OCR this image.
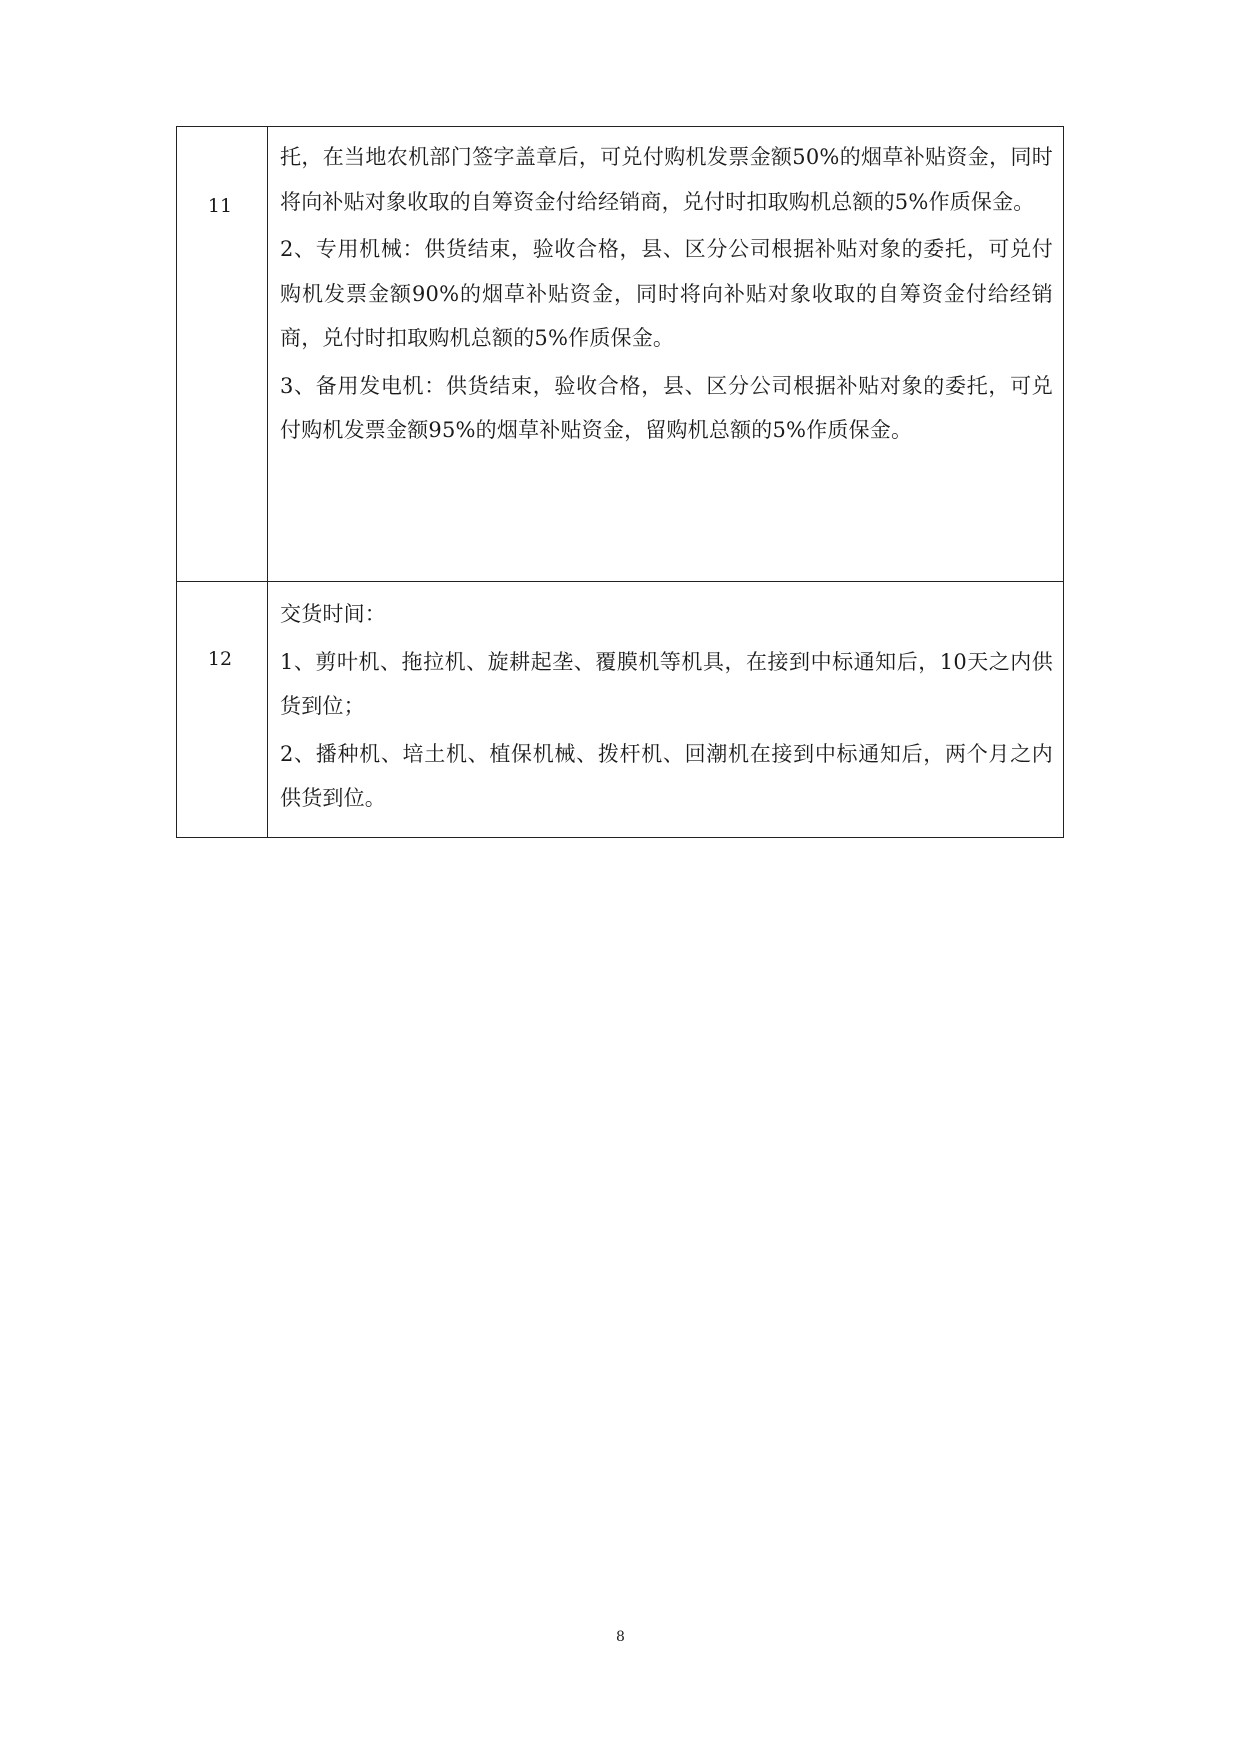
11	托，在当地农机部门签字盖章后，可兑付购机发票金额50%的烟草补贴资金，同时将向补贴对象收取的自筹资金付给经销商，兑付时扣取购机总额的5%作质保金。

2、专用机械：供货结束，验收合格，县、区分公司根据补贴对象的委托，可兑付购机发票金额90%的烟草补贴资金，同时将向补贴对象收取的自筹资金付给经销商，兑付时扣取购机总额的5%作质保金。

3、备用发电机：供货结束，验收合格，县、区分公司根据补贴对象的委托，可兑付购机发票金额95%的烟草补贴资金，留购机总额的5%作质保金。

12	交货时间：

1、剪叶机、拖拉机、旋耕起垄、覆膜机等机具，在接到中标通知后，10天之内供货到位；

2、播种机、培土机、植保机械、拨杆机、回潮机在接到中标通知后，两个月之内供货到位。

8
